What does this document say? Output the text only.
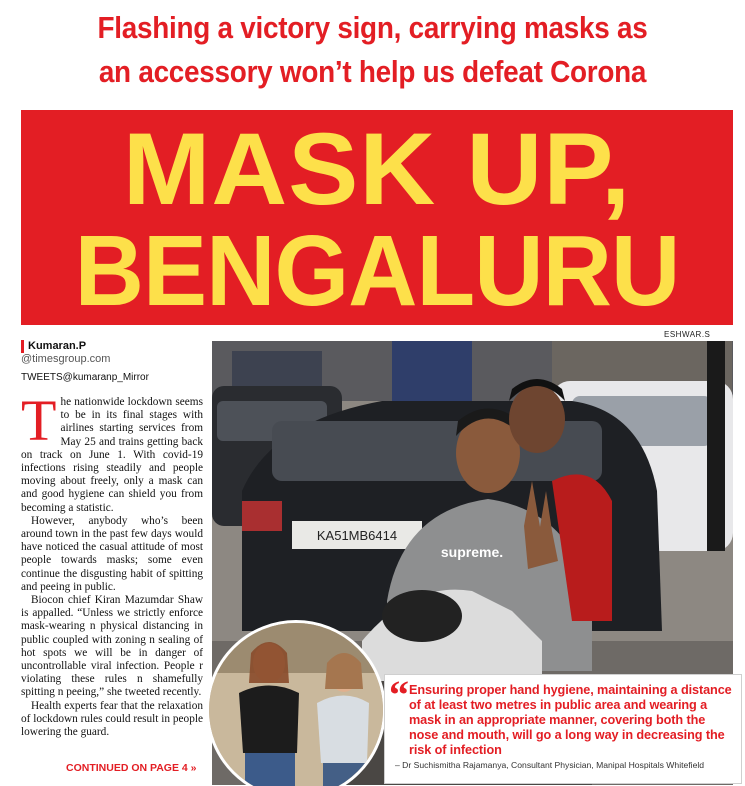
Flashing a victory sign, carrying masks as
an accessory won’t help us defeat Corona
MASK UP,
BENGALURU
Kumaran.P
@timesgroup.com
TWEETS@kumaranp_Mirror
ESHWAR.S

The nationwide lockdown seems to be in its final stages with airlines starting services from May 25 and trains getting back on track on June 1. With covid-19 infections rising steadily and people moving about freely, only a mask can and good hygiene can shield you from becoming a statistic.

However, anybody who’s been around town in the past few days would have noticed the casual attitude of most people towards masks; some even continue the disgusting habit of spitting and peeing in public.

Biocon chief Kiran Mazumdar Shaw is appalled. “Unless we strictly enforce mask-wearing n physical distancing in public coupled with zoning n sealing of hot spots we will be in danger of uncontrollable viral infection. People r violating these rules n shamefully spitting n peeing,” she tweeted recently.

Health experts fear that the relaxation of lockdown rules could result in people lowering the guard.

CONTINUED ON PAGE 4 »
KA51MB6414
supreme.
“ Ensuring proper hand hygiene, maintaining a distance of at least two metres in public area and wearing a mask in an appropriate manner, covering both the nose and mouth, will go a long way in decreasing the risk of infection
– Dr Suchismitha Rajamanya, Consultant Physician, Manipal Hospitals Whitefield
